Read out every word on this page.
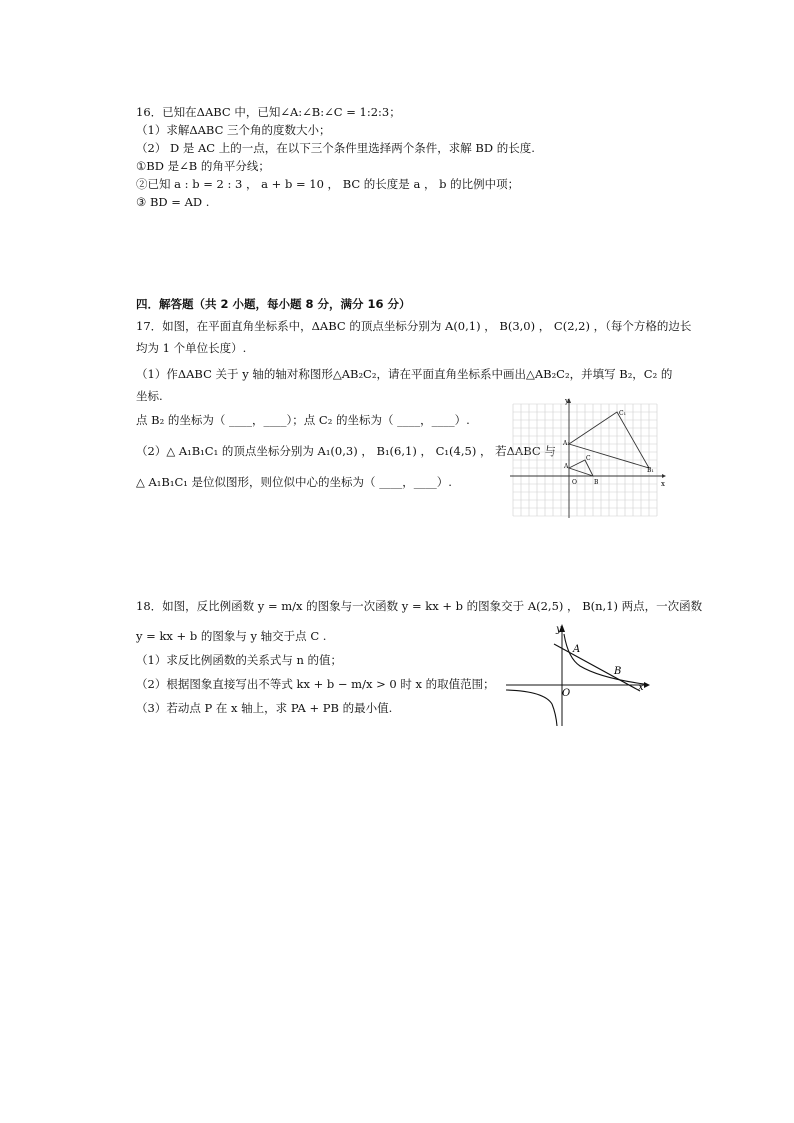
16．已知在ΔABC 中，已知∠A:∠B:∠C = 1:2:3；
（1）求解ΔABC 三个角的度数大小；
（2） D 是 AC 上的一点，在以下三个条件里选择两个条件，求解 BD 的长度.
①BD 是∠B 的角平分线；
②已知 a : b = 2 : 3 ， a + b = 10 ， BC 的长度是 a ， b 的比例中项；
③ BD = AD .
四．解答题（共 2 小题，每小题 8 分，满分 16 分）
17．如图，在平面直角坐标系中，ΔABC 的顶点坐标分别为 A(0,1) ， B(3,0) ， C(2,2) ，（每个方格的边长
均为 1 个单位长度）.
（1）作ΔABC 关于 y 轴的轴对称图形△AB₂C₂，请在平面直角坐标系中画出△AB₂C₂，并填写 B₂，C₂ 的
坐标.
点 B₂ 的坐标为（ ____，____）；点 C₂ 的坐标为（ ____，____）.
（2）△ A₁B₁C₁ 的顶点坐标分别为 A₁(0,3) ， B₁(6,1) ， C₁(4,5) ， 若ΔABC 与
△ A₁B₁C₁ 是位似图形，则位似中心的坐标为（ ____，____）.
y
x
O
A₁
B₁
C₁
A
B
C
18．如图，反比例函数 y = m/x 的图象与一次函数 y = kx + b 的图象交于 A(2,5) ， B(n,1) 两点，一次函数
y = kx + b 的图象与 y 轴交于点 C .
（1）求反比例函数的关系式与 n 的值；
（2）根据图象直接写出不等式 kx + b − m/x > 0 时 x 的取值范围；
（3）若动点 P 在 x 轴上，求 PA + PB 的最小值.
y
x
O
A
B
